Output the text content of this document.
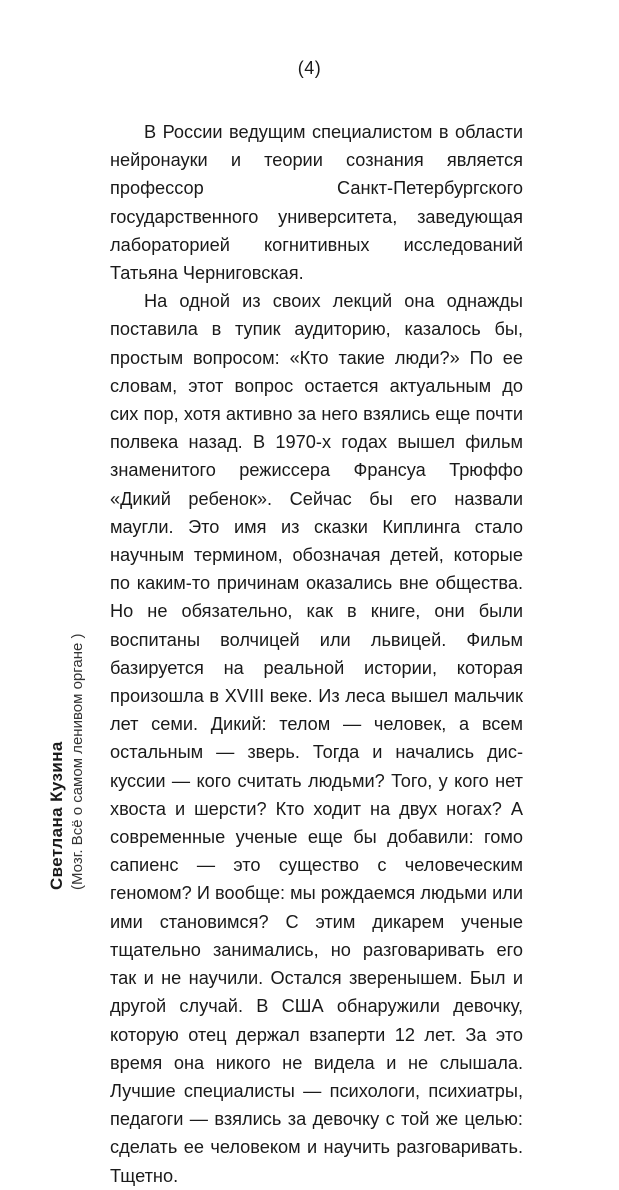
(4)

В России ведущим специалистом в области нейронауки и теории сознания является профессор Санкт-Петербургского государственного университета, заведующая лабораторией когнитивных исследований Татьяна Черниговская.

На одной из своих лекций она однажды поставила в тупик аудиторию, казалось бы, простым вопросом: «Кто такие люди?» По ее словам, этот вопрос остается актуальным до сих пор, хотя активно за него взялись еще почти полвека назад. В 1970-х годах вышел фильм знаменитого режиссера Франсуа Трюффо «Дикий ребенок». Сейчас бы его назвали маугли. Это имя из сказки Киплинга стало научным термином, обозначая детей, которые по каким-то причинам оказались вне общества. Но не обязательно, как в книге, они были воспитаны волчицей или львицей. Фильм базируется на реальной истории, которая произошла в XVIII веке. Из леса вышел мальчик лет семи. Дикий: телом — человек, а всем остальным — зверь. Тогда и начались дискуссии — кого считать людьми? Того, у кого нет хвоста и шерсти? Кто ходит на двух ногах? А современные ученые еще бы добавили: гомо сапиенс — это существо с человеческим геномом? И вообще: мы рождаемся людьми или ими становимся? С этим дикарем ученые тщательно занимались, но разговаривать его так и не научили. Остался зверенышем. Был и другой случай. В США обнаружили девочку, которую отец держал взаперти 12 лет. За это время она никого не видела и не слышала. Лучшие специалисты — психологи, психиатры, педагоги — взялись за девочку с той же целью: сделать ее человеком и научить разговаривать. Тщетно.

Светлана Кузина (Мозг. Всё о самом ленивом органе )
